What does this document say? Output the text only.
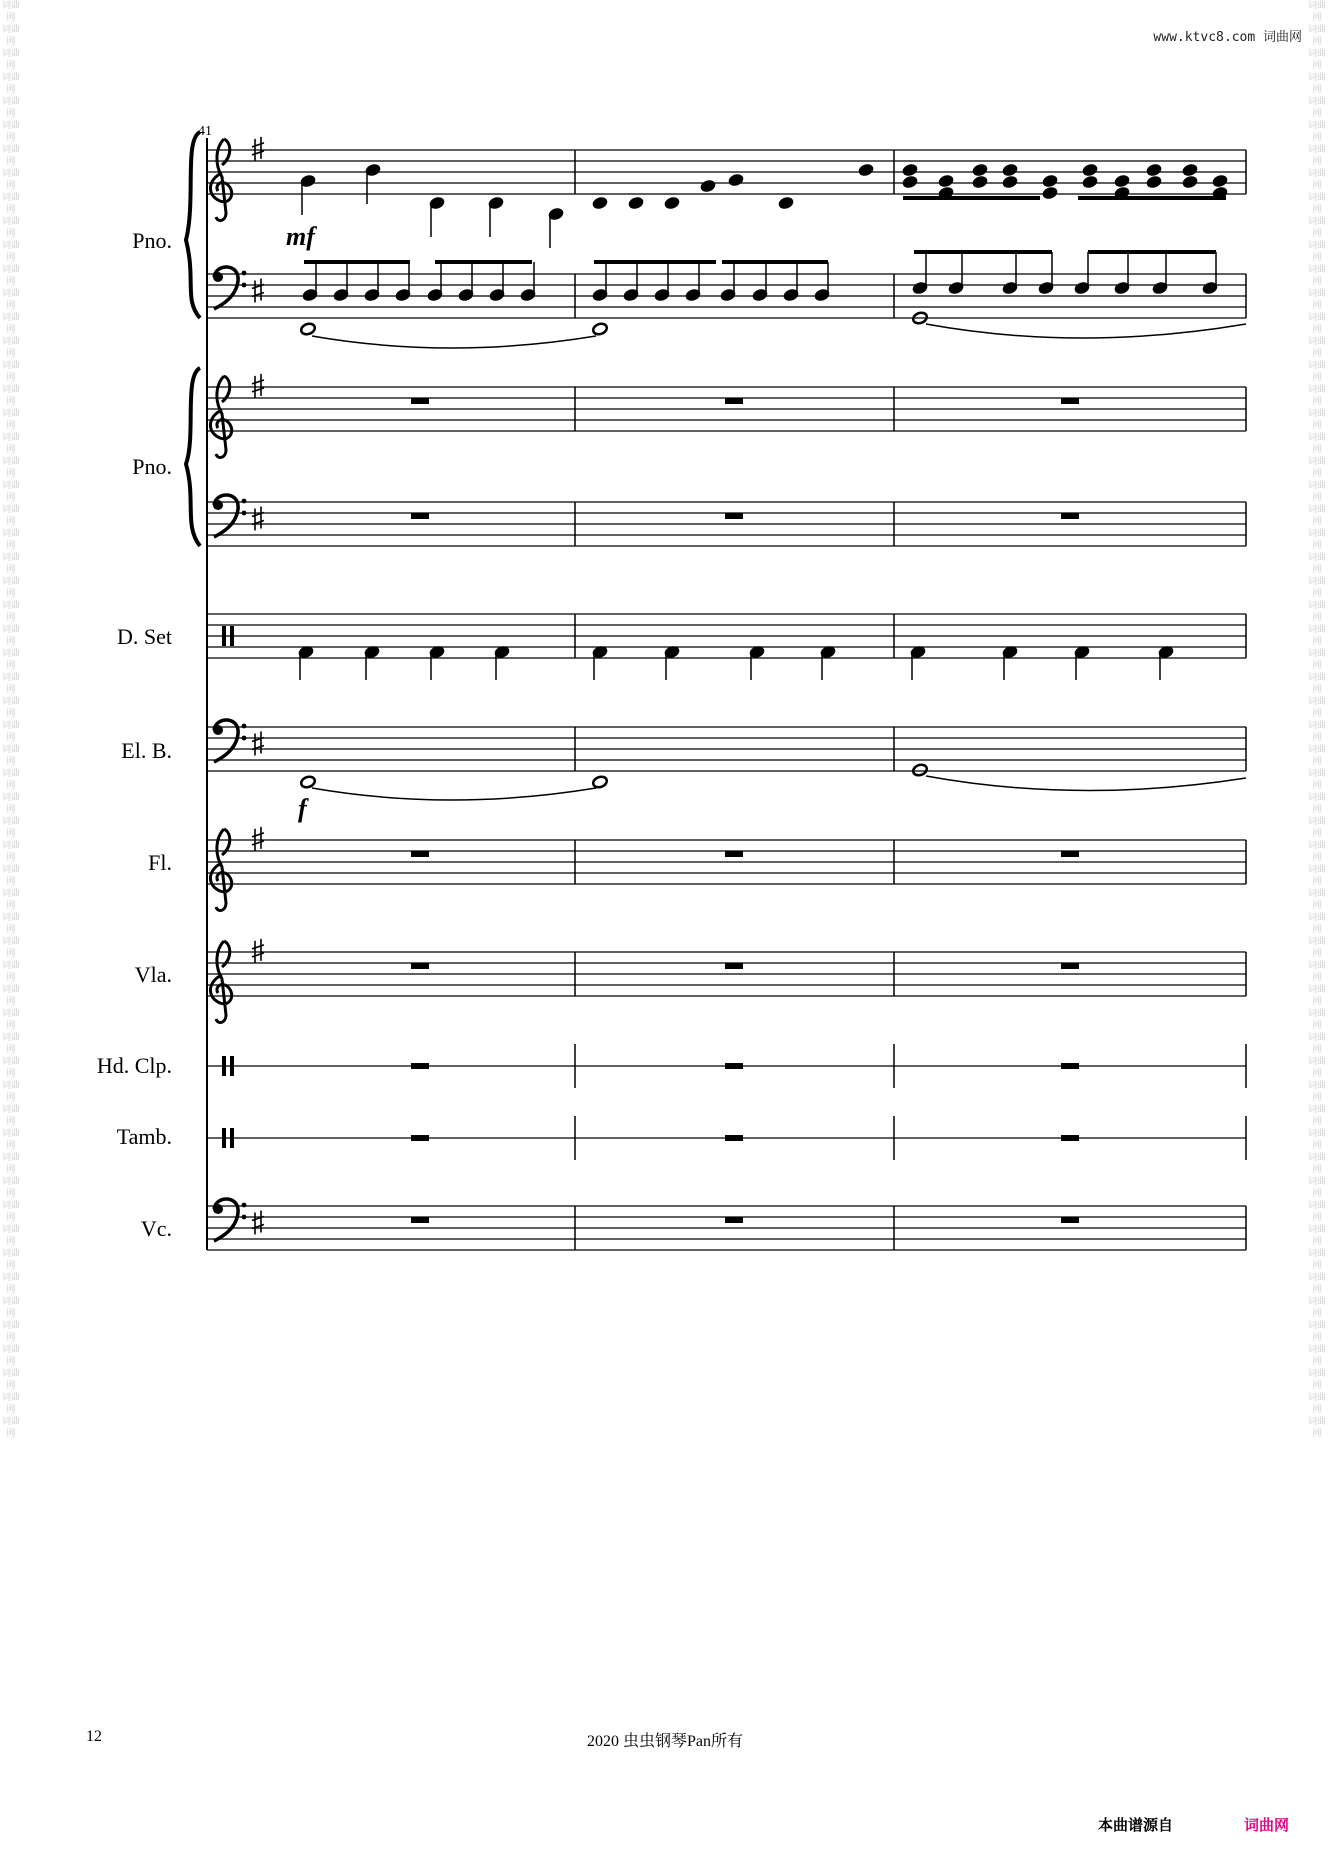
词曲网 词曲网 词曲网 词曲网 词曲网 词曲网 词曲网 词曲网 词曲网 词曲网 词曲网 词曲网 词曲网 词曲网 词曲网 词曲网 词曲网 词曲网 词曲网 词曲网 词曲网 词曲网 词曲网 词曲网 词曲网 词曲网 词曲网 词曲网 词曲网 词曲网 词曲网 词曲网 词曲网 词曲网 词曲网 词曲网 词曲网 词曲网 词曲网 词曲网 词曲网 词曲网 词曲网 词曲网 词曲网 词曲网 词曲网 词曲网 词曲网 词曲网 词曲网 词曲网 词曲网 词曲网 词曲网 词曲网 词曲网 词曲网 词曲网 词曲网
词曲网 词曲网 词曲网 词曲网 词曲网 词曲网 词曲网 词曲网 词曲网 词曲网 词曲网 词曲网 词曲网 词曲网 词曲网 词曲网 词曲网 词曲网 词曲网 词曲网 词曲网 词曲网 词曲网 词曲网 词曲网 词曲网 词曲网 词曲网 词曲网 词曲网 词曲网 词曲网 词曲网 词曲网 词曲网 词曲网 词曲网 词曲网 词曲网 词曲网 词曲网 词曲网 词曲网 词曲网 词曲网 词曲网 词曲网 词曲网 词曲网 词曲网 词曲网 词曲网 词曲网 词曲网 词曲网 词曲网 词曲网 词曲网 词曲网 词曲网
www.ktvc8.com 词曲网
41
Pno.
Pno.
D. Set
El. B.
Fl.
Vla.
Hd. Clp.
Tamb.
Vc.
mf
f
12	2020 虫虫钢琴Pan所有
本曲谱源自	词曲网
